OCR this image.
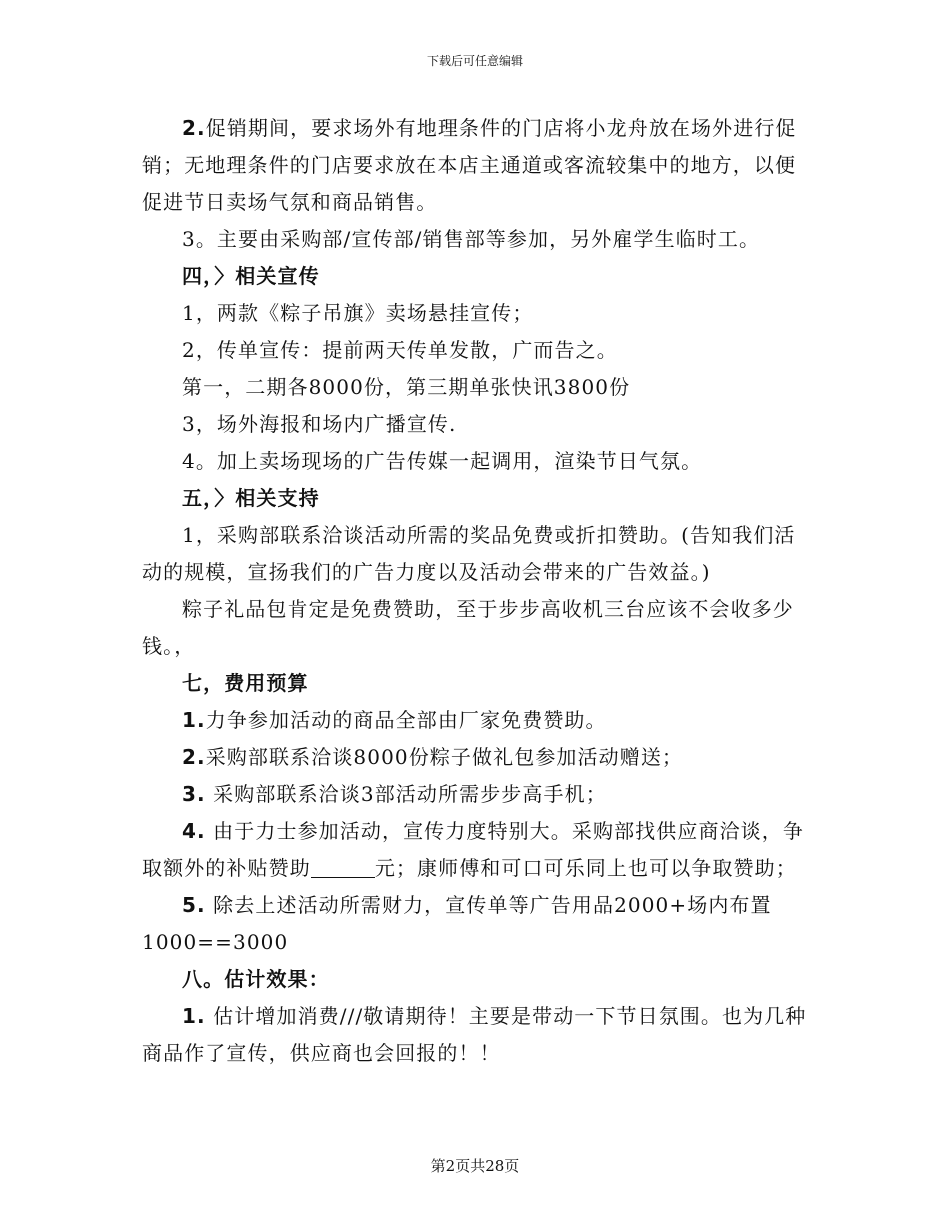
下载后可任意编辑

2.促销期间，要求场外有地理条件的门店将小龙舟放在场外进行促销；无地理条件的门店要求放在本店主通道或客流较集中的地方，以便促进节日卖场气氛和商品销售。

3。主要由采购部/宣传部/销售部等参加，另外雇学生临时工。

四，〉相关宣传

1，两款《粽子吊旗》卖场悬挂宣传；

2，传单宣传：提前两天传单发散，广而告之。

第一，二期各8000份，第三期单张快讯3800份

3，场外海报和场内广播宣传.

4。加上卖场现场的广告传媒一起调用，渲染节日气氛。

五，〉相关支持

1，采购部联系洽谈活动所需的奖品免费或折扣赞助。(告知我们活动的规模，宣扬我们的广告力度以及活动会带来的广告效益。)

粽子礼品包肯定是免费赞助，至于步步高收机三台应该不会收多少钱。，

七，费用预算

1.力争参加活动的商品全部由厂家免费赞助。

2.采购部联系洽谈8000份粽子做礼包参加活动赠送；

3. 采购部联系洽谈3部活动所需步步高手机；

4. 由于力士参加活动，宣传力度特别大。采购部找供应商洽谈，争取额外的补贴赞助	元；康师傅和可口可乐同上也可以争取赞助；

5. 除去上述活动所需财力，宣传单等广告用品2000+场内布置1000==3000

八。估计效果：

1. 估计增加消费///敬请期待！主要是带动一下节日氛围。也为几种商品作了宣传，供应商也会回报的！！

第2页共28页
